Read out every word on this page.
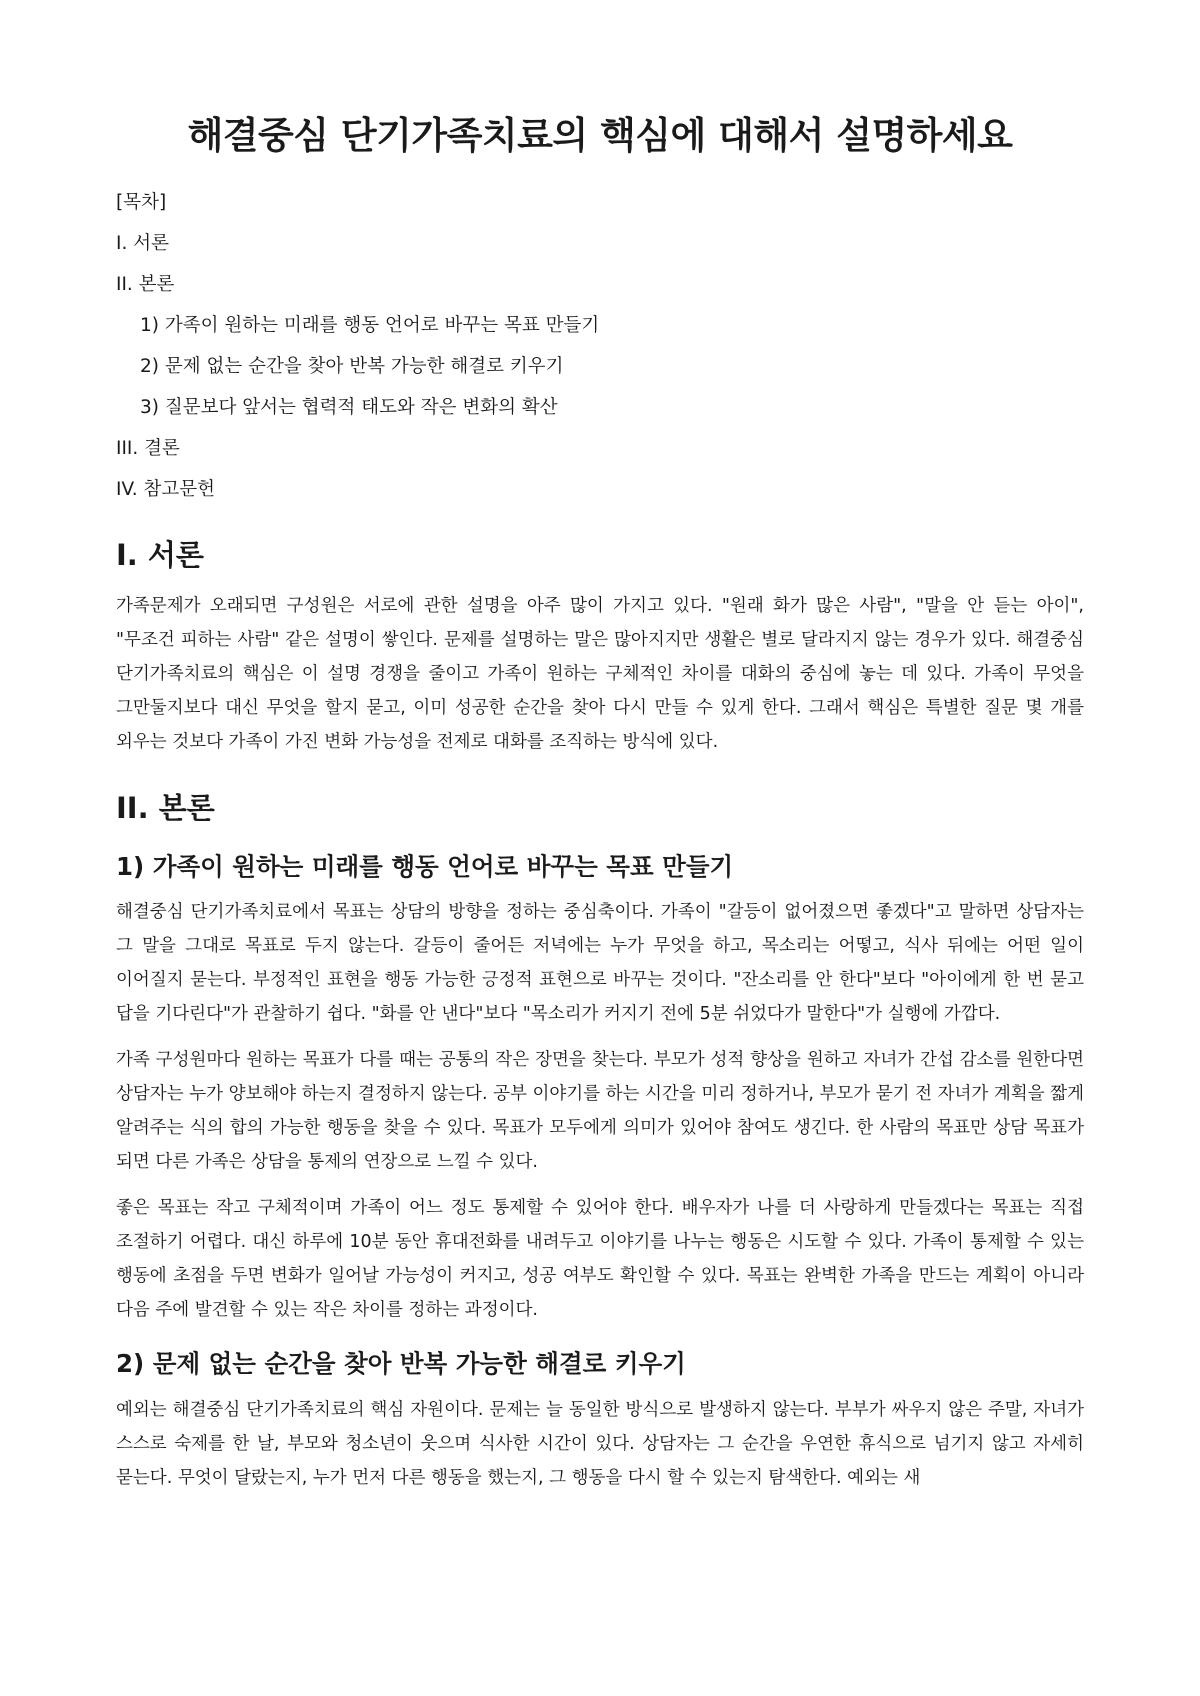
해결중심 단기가족치료의 핵심에 대해서 설명하세요
[목차]
I. 서론
II. 본론
1) 가족이 원하는 미래를 행동 언어로 바꾸는 목표 만들기
2) 문제 없는 순간을 찾아 반복 가능한 해결로 키우기
3) 질문보다 앞서는 협력적 태도와 작은 변화의 확산
III. 결론
IV. 참고문헌
I. 서론

가족문제가 오래되면 구성원은 서로에 관한 설명을 아주 많이 가지고 있다. "원래 화가 많은 사람", "말을 안 듣는 아이", "무조건 피하는 사람" 같은 설명이 쌓인다. 문제를 설명하는 말은 많아지지만 생활은 별로 달라지지 않는 경우가 있다. 해결중심 단기가족치료의 핵심은 이 설명 경쟁을 줄이고 가족이 원하는 구체적인 차이를 대화의 중심에 놓는 데 있다. 가족이 무엇을 그만둘지보다 대신 무엇을 할지 묻고, 이미 성공한 순간을 찾아 다시 만들 수 있게 한다. 그래서 핵심은 특별한 질문 몇 개를 외우는 것보다 가족이 가진 변화 가능성을 전제로 대화를 조직하는 방식에 있다.

II. 본론
1) 가족이 원하는 미래를 행동 언어로 바꾸는 목표 만들기

해결중심 단기가족치료에서 목표는 상담의 방향을 정하는 중심축이다. 가족이 "갈등이 없어졌으면 좋겠다"고 말하면 상담자는 그 말을 그대로 목표로 두지 않는다. 갈등이 줄어든 저녁에는 누가 무엇을 하고, 목소리는 어떻고, 식사 뒤에는 어떤 일이 이어질지 묻는다. 부정적인 표현을 행동 가능한 긍정적 표현으로 바꾸는 것이다. "잔소리를 안 한다"보다 "아이에게 한 번 묻고 답을 기다린다"가 관찰하기 쉽다. "화를 안 낸다"보다 "목소리가 커지기 전에 5분 쉬었다가 말한다"가 실행에 가깝다.

가족 구성원마다 원하는 목표가 다를 때는 공통의 작은 장면을 찾는다. 부모가 성적 향상을 원하고 자녀가 간섭 감소를 원한다면 상담자는 누가 양보해야 하는지 결정하지 않는다. 공부 이야기를 하는 시간을 미리 정하거나, 부모가 묻기 전 자녀가 계획을 짧게 알려주는 식의 합의 가능한 행동을 찾을 수 있다. 목표가 모두에게 의미가 있어야 참여도 생긴다. 한 사람의 목표만 상담 목표가 되면 다른 가족은 상담을 통제의 연장으로 느낄 수 있다.

좋은 목표는 작고 구체적이며 가족이 어느 정도 통제할 수 있어야 한다. 배우자가 나를 더 사랑하게 만들겠다는 목표는 직접 조절하기 어렵다. 대신 하루에 10분 동안 휴대전화를 내려두고 이야기를 나누는 행동은 시도할 수 있다. 가족이 통제할 수 있는 행동에 초점을 두면 변화가 일어날 가능성이 커지고, 성공 여부도 확인할 수 있다. 목표는 완벽한 가족을 만드는 계획이 아니라 다음 주에 발견할 수 있는 작은 차이를 정하는 과정이다.

2) 문제 없는 순간을 찾아 반복 가능한 해결로 키우기

예외는 해결중심 단기가족치료의 핵심 자원이다. 문제는 늘 동일한 방식으로 발생하지 않는다. 부부가 싸우지 않은 주말, 자녀가 스스로 숙제를 한 날, 부모와 청소년이 웃으며 식사한 시간이 있다. 상담자는 그 순간을 우연한 휴식으로 넘기지 않고 자세히 묻는다. 무엇이 달랐는지, 누가 먼저 다른 행동을 했는지, 그 행동을 다시 할 수 있는지 탐색한다. 예외는 새
